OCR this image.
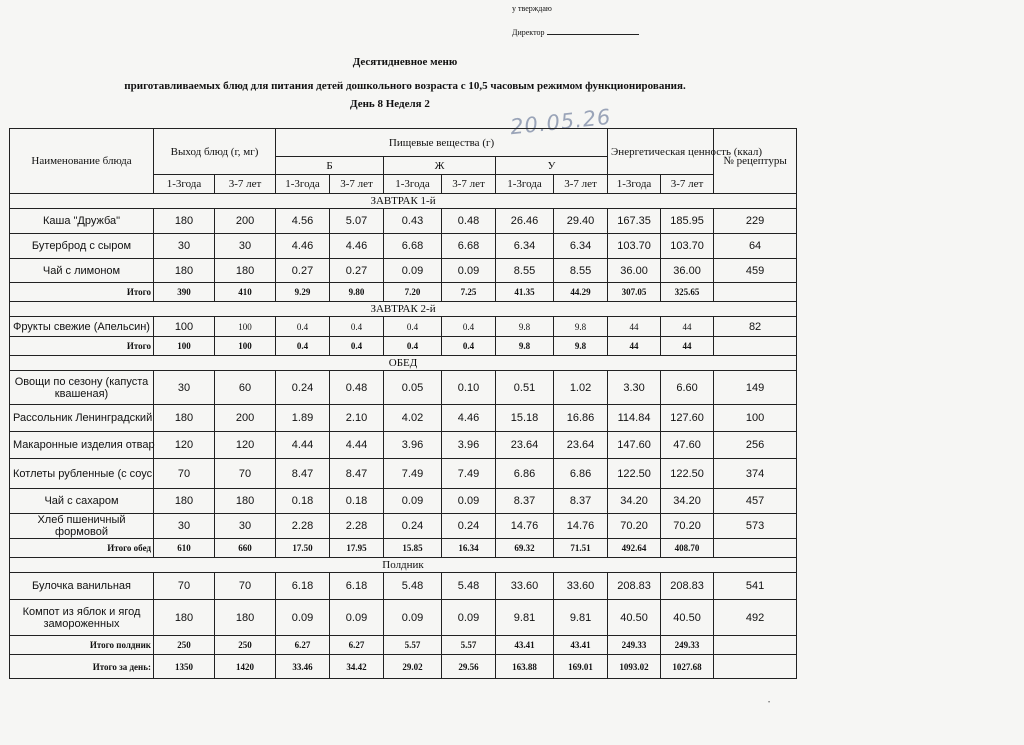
у тверждаю
Директор
Десятидневное меню
приготавливаемых блюд для питания детей дошкольного возраста с 10,5 часовым режимом функционирования.
День 8 Неделя 2
20.05.26
Наименование блюда	Выход блюд (г, мг)		Пищевые вещества (г)						Энергетическая ценность (ккал)		№ рецептуры
			Б		Ж		У				
	1-3года	3-7 лет	1-3года	3-7 лет	1-3года	3-7 лет	1-3года	3-7 лет	1-3года	3-7 лет	
ЗАВТРАК 1-й											
Каша "Дружба"	180	200	4.56	5.07	0.43	0.48	26.46	29.40	167.35	185.95	229
Бутерброд с сыром	30	30	4.46	4.46	6.68	6.68	6.34	6.34	103.70	103.70	64
Чай с лимоном	180	180	0.27	0.27	0.09	0.09	8.55	8.55	36.00	36.00	459
Итого	390	410	9.29	9.80	7.20	7.25	41.35	44.29	307.05	325.65	
ЗАВТРАК 2-й											
Фрукты свежие (Апельсин)	100	100	0.4	0.4	0.4	0.4	9.8	9.8	44	44	82
Итого	100	100	0.4	0.4	0.4	0.4	9.8	9.8	44	44	
ОБЕД											
Овощи по сезону (капуста квашеная)	30	60	0.24	0.48	0.05	0.10	0.51	1.02	3.30	6.60	149
Рассольник Ленинградский	180	200	1.89	2.10	4.02	4.46	15.18	16.86	114.84	127.60	100
Макаронные изделия отвар	120	120	4.44	4.44	3.96	3.96	23.64	23.64	147.60	47.60	256
Котлеты рубленные (с соус	70	70	8.47	8.47	7.49	7.49	6.86	6.86	122.50	122.50	374
Чай с сахаром	180	180	0.18	0.18	0.09	0.09	8.37	8.37	34.20	34.20	457
Хлеб пшеничный формовой	30	30	2.28	2.28	0.24	0.24	14.76	14.76	70.20	70.20	573
Итого обед	610	660	17.50	17.95	15.85	16.34	69.32	71.51	492.64	408.70	
Полдник											
Булочка ванильная	70	70	6.18	6.18	5.48	5.48	33.60	33.60	208.83	208.83	541
Компот из яблок и ягод замороженных	180	180	0.09	0.09	0.09	0.09	9.81	9.81	40.50	40.50	492
Итого полдник	250	250	6.27	6.27	5.57	5.57	43.41	43.41	249.33	249.33	
Итого за день:	1350	1420	33.46	34.42	29.02	29.56	163.88	169.01	1093.02	1027.68	
•
